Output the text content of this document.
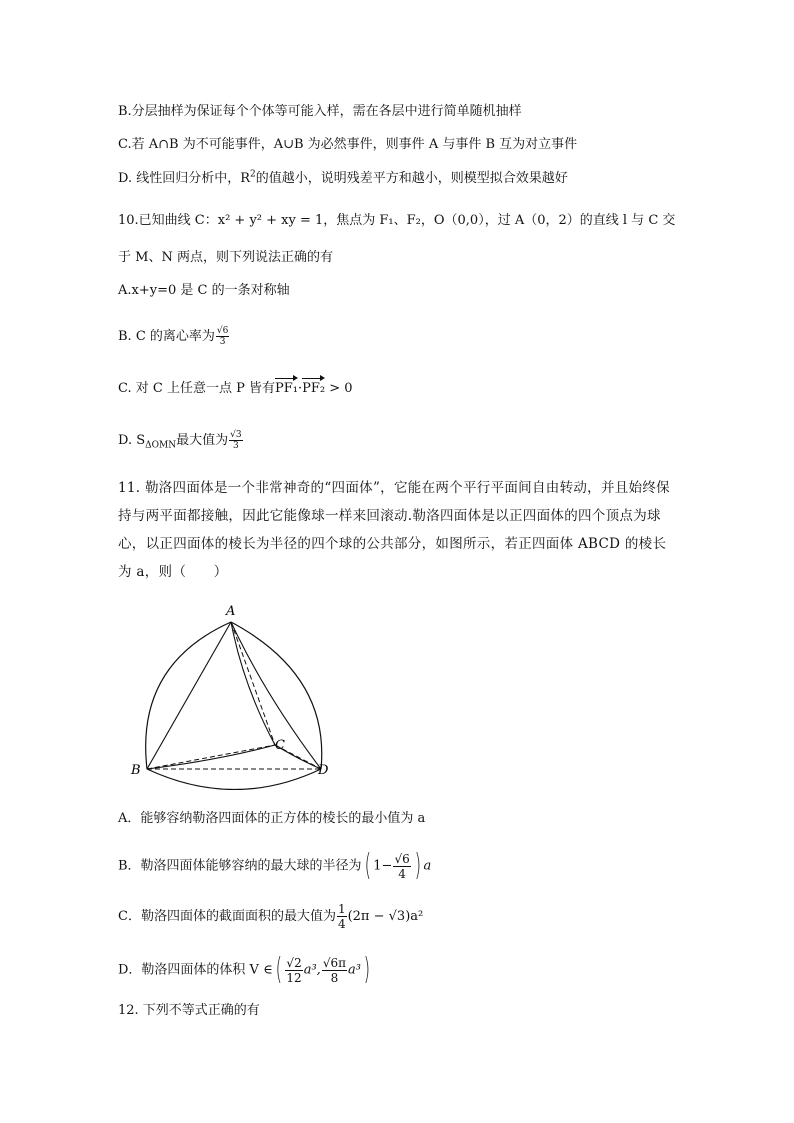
B.分层抽样为保证每个个体等可能入样，需在各层中进行简单随机抽样
C.若 A∩B 为不可能事件，A∪B 为必然事件，则事件 A 与事件 B 互为对立事件
D. 线性回归分析中，$R^2$的值越小，说明残差平方和越小，则模型拟合效果越好
10.已知曲线 C：x² + y² + xy = 1，焦点为 F₁、F₂，O（0,0），过 A（0，2）的直线 l 与 C 交
于 M、N 两点，则下列说法正确的有
A.x+y=0 是 C 的一条对称轴
B. C 的离心率为 $\frac{√6}{3}$
C. 对 C 上任意一点 P 皆有PF₁·PF₂ > 0
D. $S_{\Delta OMN}$最大值为 $\frac{√3}{3}$
11. 勒洛四面体是一个非常神奇的“四面体”，它能在两个平行平面间自由转动，并且始终保持与两平面都接触，因此它能像球一样来回滚动.勒洛四面体是以正四面体的四个顶点为球心，以正四面体的棱长为半径的四个球的公共部分，如图所示，若正四面体 ABCD 的棱长为 a，则（　　）
A
B
C
D
A．能够容纳勒洛四面体的正方体的棱长的最小值为 a
B．勒洛四面体能够容纳的最大球的半径为( $1- \frac{√6}{4}$ ) a
C．勒洛四面体的截面面积的最大值为 $\frac{1}{4} (2\pi - √3)a^2$
D．勒洛四面体的体积 V ∈( $\frac{√2}{12} a^3$, $\frac{√6\pi}{8} a^3$)
12. 下列不等式正确的有
